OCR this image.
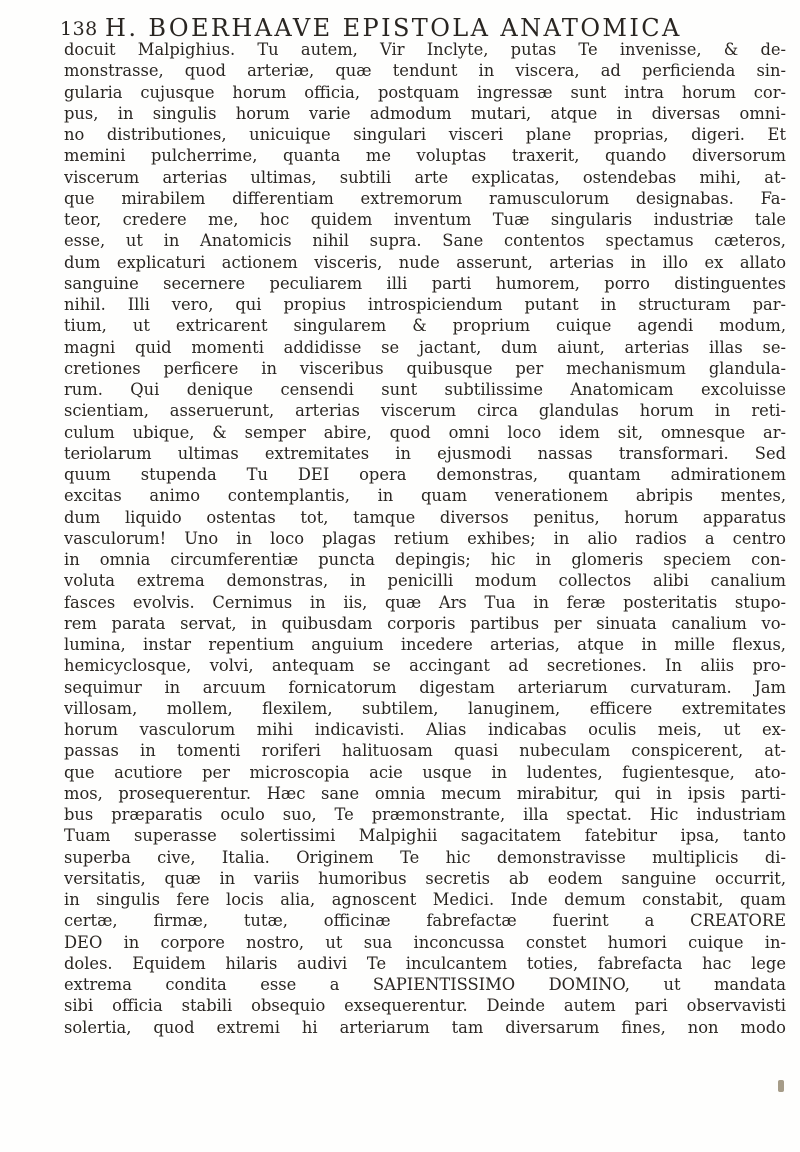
138 H. BOERHAAVE EPISTOLA ANATOMICA
docuit Malpighius. Tu autem, Vir Inclyte, putas Te invenisse, & de-
monstrasse, quod arteriæ, quæ tendunt in viscera, ad perficienda sin-
gularia cujusque horum officia, postquam ingressæ sunt intra horum cor-
pus, in singulis horum varie admodum mutari, atque in diversas omni-
no distributiones, unicuique singulari visceri plane proprias, digeri. Et
memini pulcherrime, quanta me voluptas traxerit, quando diversorum
viscerum arterias ultimas, subtili arte explicatas, ostendebas mihi, at-
que mirabilem differentiam extremorum ramusculorum designabas. Fa-
teor, credere me, hoc quidem inventum Tuæ singularis industriæ tale
esse, ut in Anatomicis nihil supra. Sane contentos spectamus cæteros,
dum explicaturi actionem visceris, nude asserunt, arterias in illo ex allato
sanguine secernere peculiarem illi parti humorem, porro distinguentes
nihil. Illi vero, qui propius introspiciendum putant in structuram par-
tium, ut extricarent singularem & proprium cuique agendi modum,
magni quid momenti addidisse se jactant, dum aiunt, arterias illas se-
cretiones perficere in visceribus quibusque per mechanismum glandula-
rum. Qui denique censendi sunt subtilissime Anatomicam excoluisse
scientiam, asseruerunt, arterias viscerum circa glandulas horum in reti-
culum ubique, & semper abire, quod omni loco idem sit, omnesque ar-
teriolarum ultimas extremitates in ejusmodi nassas transformari. Sed
quum stupenda Tu DEI opera demonstras, quantam admirationem
excitas animo contemplantis, in quam venerationem abripis mentes,
dum liquido ostentas tot, tamque diversos penitus, horum apparatus
vasculorum! Uno in loco plagas retium exhibes; in alio radios a centro
in omnia circumferentiæ puncta depingis; hic in glomeris speciem con-
voluta extrema demonstras, in penicilli modum collectos alibi canalium
fasces evolvis. Cernimus in iis, quæ Ars Tua in feræ posteritatis stupo-
rem parata servat, in quibusdam corporis partibus per sinuata canalium vo-
lumina, instar repentium anguium incedere arterias, atque in mille flexus,
hemicyclosque, volvi, antequam se accingant ad secretiones. In aliis pro-
sequimur in arcuum fornicatorum digestam arteriarum curvaturam. Jam
villosam, mollem, flexilem, subtilem, lanuginem, efficere extremitates
horum vasculorum mihi indicavisti. Alias indicabas oculis meis, ut ex-
passas in tomenti roriferi halituosam quasi nubeculam conspicerent, at-
que acutiore per microscopia acie usque in ludentes, fugientesque, ato-
mos, prosequerentur. Hæc sane omnia mecum mirabitur, qui in ipsis parti-
bus præparatis oculo suo, Te præmonstrante, illa spectat. Hic industriam
Tuam superasse solertissimi Malpighii sagacitatem fatebitur ipsa, tanto
superba cive, Italia. Originem Te hic demonstravisse multiplicis di-
versitatis, quæ in variis humoribus secretis ab eodem sanguine occurrit,
in singulis fere locis alia, agnoscent Medici. Inde demum constabit, quam
certæ, firmæ, tutæ, officinæ fabrefactæ fuerint a CREATORE
DEO in corpore nostro, ut sua inconcussa constet humori cuique in-
doles. Equidem hilaris audivi Te inculcantem toties, fabrefacta hac lege
extrema condita esse a SAPIENTISSIMO DOMINO, ut mandata
sibi officia stabili obsequio exsequerentur. Deinde autem pari observavisti
solertia, quod extremi hi arteriarum tam diversarum fines, non modo
